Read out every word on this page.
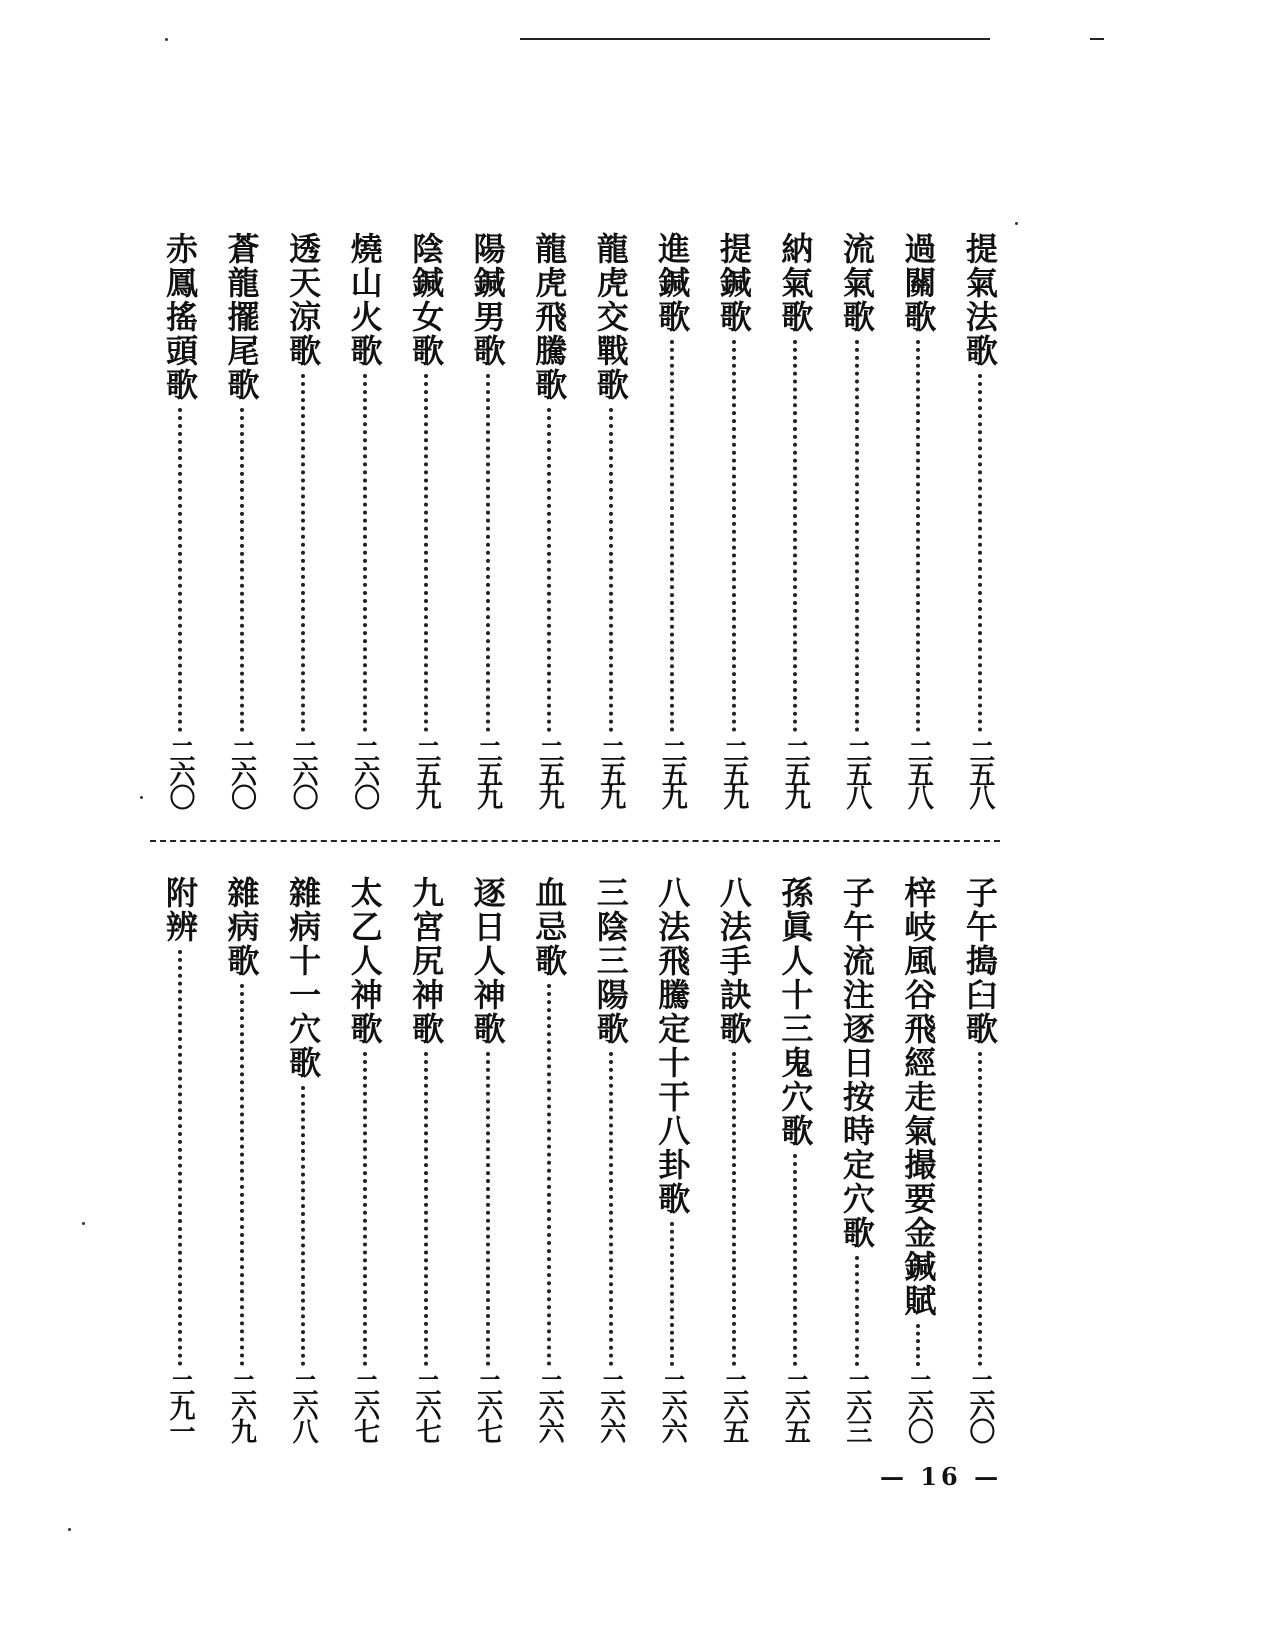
提氣法歌
二五八
過關歌
二五八
流氣歌
二五八
納氣歌
二五九
提鍼歌
二五九
進鍼歌
二五九
龍虎交戰歌
二五九
龍虎飛騰歌
二五九
陽鍼男歌
二五九
陰鍼女歌
二五九
燒山火歌
二六〇
透天涼歌
二六〇
蒼龍擺尾歌
二六〇
赤鳳搖頭歌
二六〇
子午搗臼歌
二六〇
梓岐風谷飛經走氣撮要金鍼賦
二六〇
子午流注逐日按時定穴歌
二六三
孫眞人十三鬼穴歌
二六五
八法手訣歌
二六五
八法飛騰定十干八卦歌
二六六
三陰三陽歌
二六六
血忌歌
二六六
逐日人神歌
二六七
九宮尻神歌
二六七
太乙人神歌
二六七
雜病十一穴歌
二六八
雜病歌
二六九
附辨
二九一
— 16 —
